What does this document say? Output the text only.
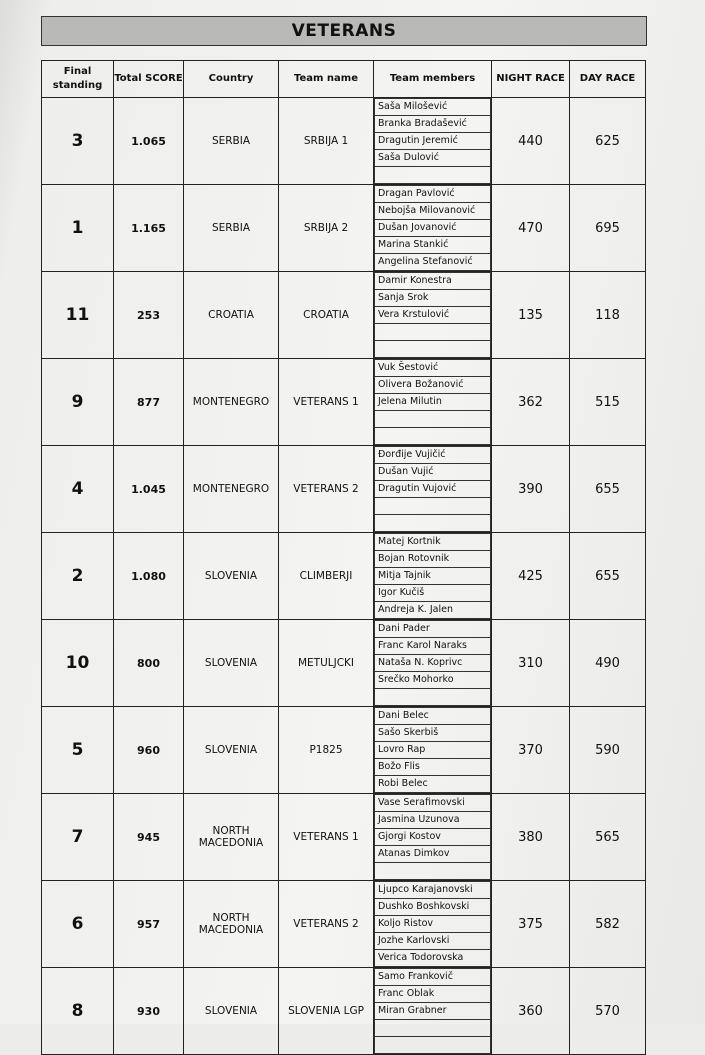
VETERANS
Final standing	Total SCORE	Country	Team name	Team members	NIGHT RACE	DAY RACE
3	1.065	SERBIA	SRBIJA 1	Saša Milošević
Branka Bradašević
Dragutin Jeremić
Saša Dulović	440	625
1	1.165	SERBIA	SRBIJA 2	Dragan Pavlović
Nebojša Milovanović
Dušan Jovanović
Marina Stankić
Angelina Stefanović	470	695
11	253	CROATIA	CROATIA	Damir Konestra
Sanja Srok
Vera Krstulović	135	118
9	877	MONTENEGRO	VETERANS 1	Vuk Šestović
Olivera Božanović
Jelena Milutin	362	515
4	1.045	MONTENEGRO	VETERANS 2	Đorđije Vujičić
Dušan Vujić
Dragutin Vujović	390	655
2	1.080	SLOVENIA	CLIMBERJI	Matej Kortnik
Bojan Rotovnik
Mitja Tajnik
Igor Kučiš
Andreja K. Jalen	425	655
10	800	SLOVENIA	METULJCKI	Dani Pader
Franc Karol Naraks
Nataša N. Koprivc
Srečko Mohorko	310	490
5	960	SLOVENIA	P1825	Dani Belec
Sašo Skerbiš
Lovro Rap
Božo Flis
Robi Belec	370	590
7	945	NORTH MACEDONIA	VETERANS 1	Vase Serafimovski
Jasmina Uzunova
Gjorgi Kostov
Atanas Dimkov	380	565
6	957	NORTH MACEDONIA	VETERANS 2	Ljupco Karajanovski
Dushko Boshkovski
Koljo Ristov
Jozhe Karlovski
Verica Todorovska	375	582
8	930	SLOVENIA	SLOVENIA LGP	Samo Frankovič
Franc Oblak
Miran Grabner	360	570
